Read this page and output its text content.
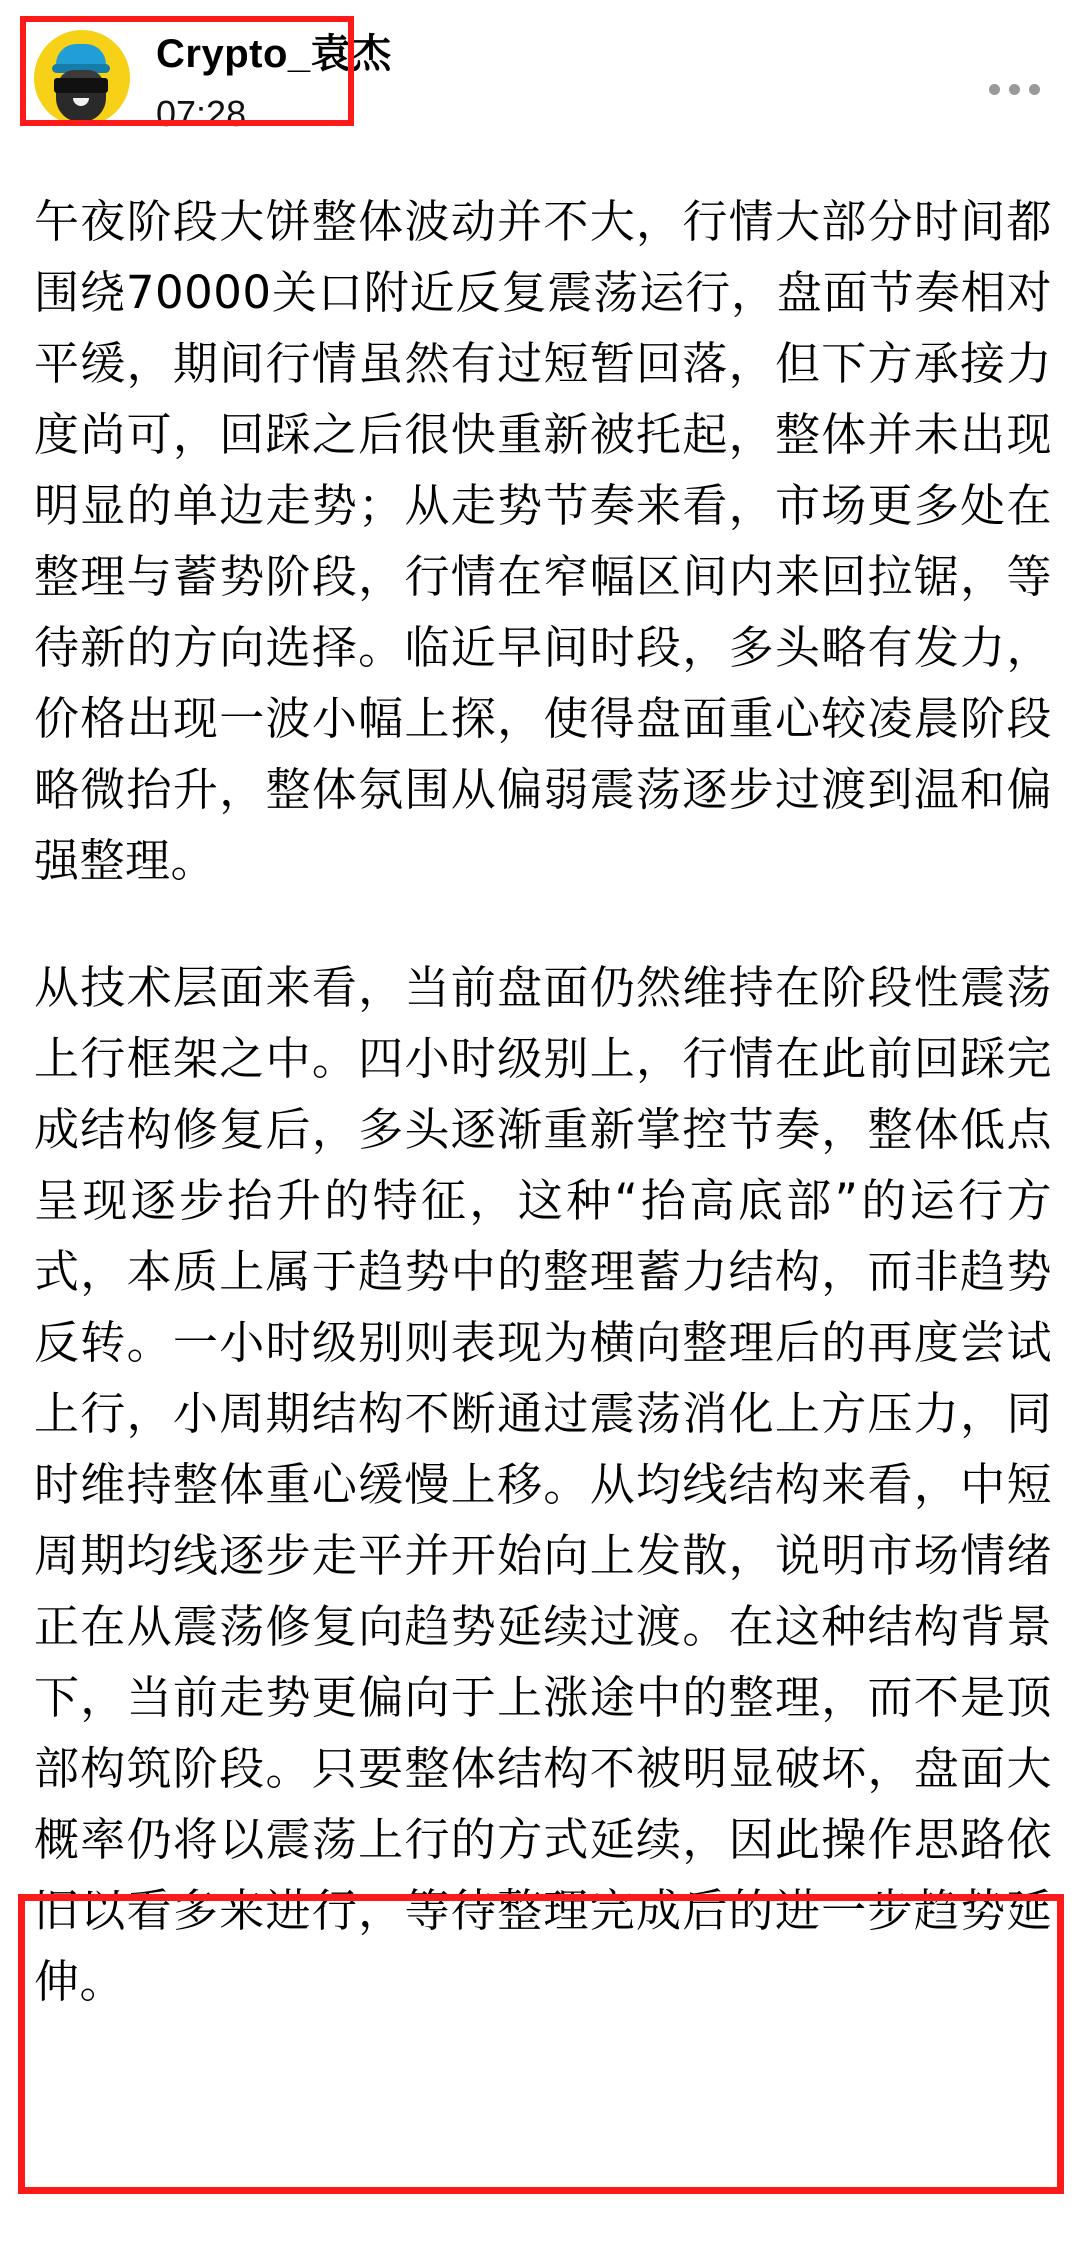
Crypto_袁杰
07:28

午夜阶段大饼整体波动并不大，行情大部分时间都围绕70000关口附近反复震荡运行，盘面节奏相对平缓，期间行情虽然有过短暂回落，但下方承接力度尚可，回踩之后很快重新被托起，整体并未出现明显的单边走势；从走势节奏来看，市场更多处在整理与蓄势阶段，行情在窄幅区间内来回拉锯，等待新的方向选择。临近早间时段，多头略有发力，价格出现一波小幅上探，使得盘面重心较凌晨阶段略微抬升，整体氛围从偏弱震荡逐步过渡到温和偏强整理。

从技术层面来看，当前盘面仍然维持在阶段性震荡上行框架之中。四小时级别上，行情在此前回踩完成结构修复后，多头逐渐重新掌控节奏，整体低点呈现逐步抬升的特征，这种“抬高底部”的运行方式，本质上属于趋势中的整理蓄力结构，而非趋势反转。一小时级别则表现为横向整理后的再度尝试上行，小周期结构不断通过震荡消化上方压力，同时维持整体重心缓慢上移。从均线结构来看，中短周期均线逐步走平并开始向上发散，说明市场情绪正在从震荡修复向趋势延续过渡。在这种结构背景下，当前走势更偏向于上涨途中的整理，而不是顶部构筑阶段。只要整体结构不被明显破坏，盘面大概率仍将以震荡上行的方式延续，因此操作思路依旧以看多来进行，等待整理完成后的进一步趋势延伸。
